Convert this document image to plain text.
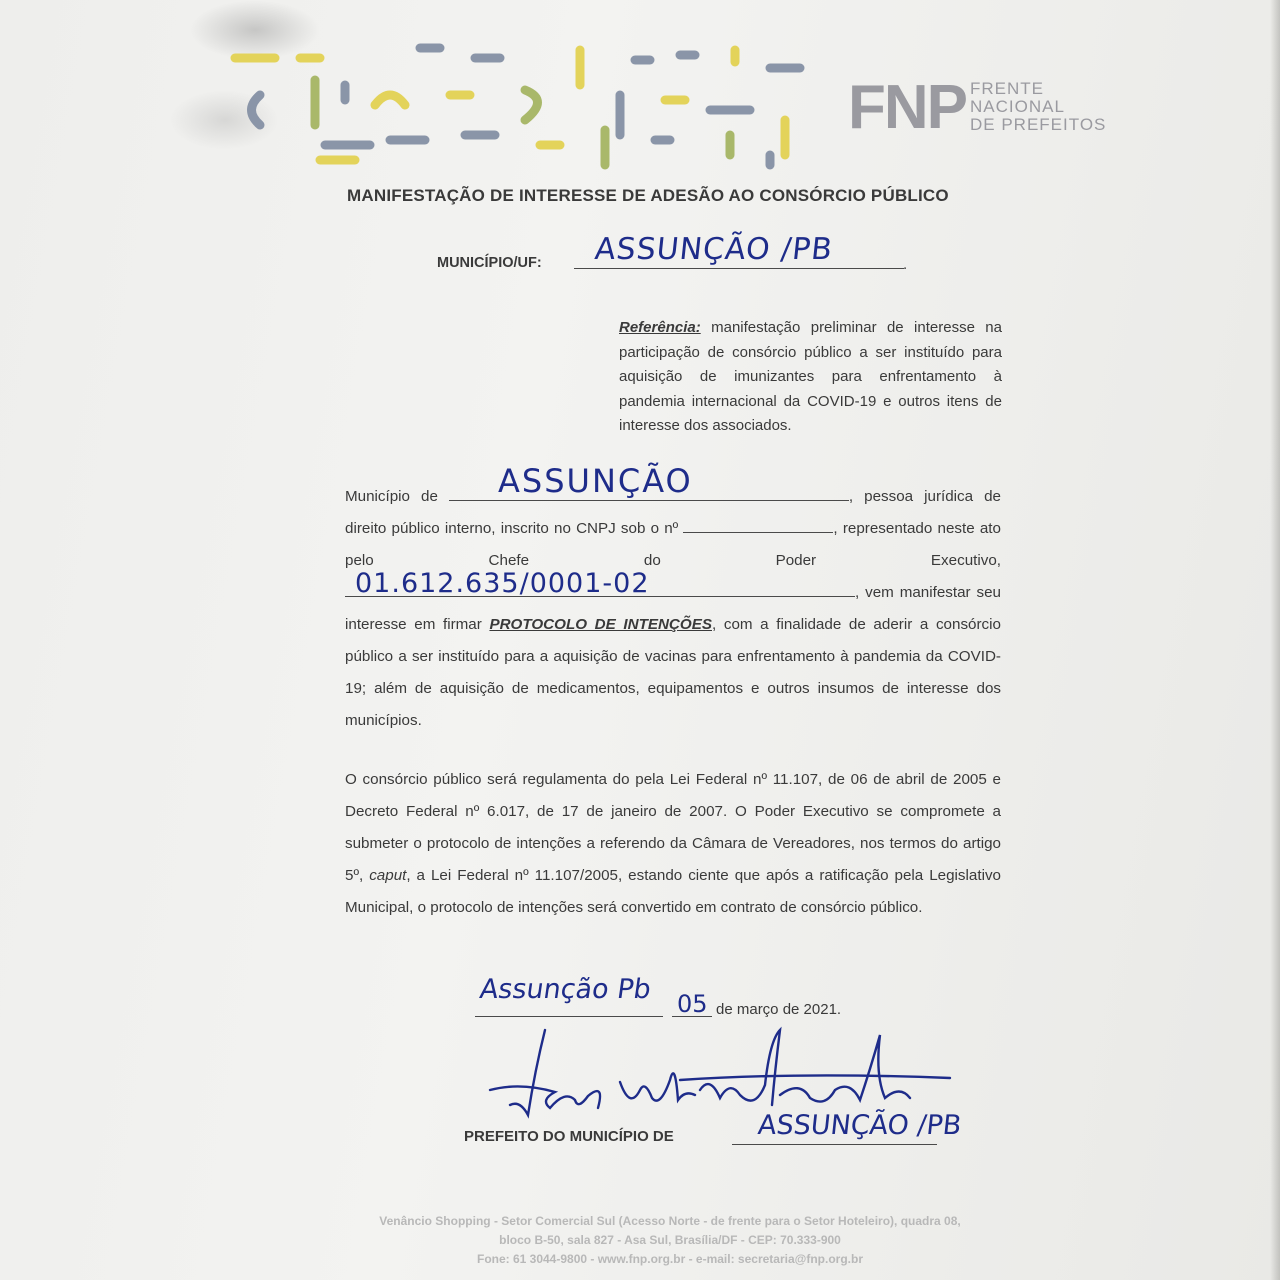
FNP FRENTE
NACIONAL
DE PREFEITOS
MANIFESTAÇÃO DE INTERESSE DE ADESÃO AO CONSÓRCIO PÚBLICO
MUNICÍPIO/UF:	.
ASSUNÇÃO /PB
Referência: manifestação preliminar de interesse na participação de consórcio público a ser instituído para aquisição de imunizantes para enfrentamento à pandemia internacional da COVID-19 e outros itens de interesse dos associados.
Município de	, pessoa jurídica de direito público interno, inscrito no CNPJ sob o nº	, representado neste ato pelo Chefe do Poder Executivo, , vem manifestar seu interesse em firmar PROTOCOLO DE INTENÇÕES, com a finalidade de aderir a consórcio público a ser instituído para a aquisição de vacinas para enfrentamento à pandemia da COVID-19; além de aquisição de medicamentos, equipamentos e outros insumos de interesse dos municípios.
ASSUNÇÃO
01.612.635/0001-02
O consórcio público será regulamenta do pela Lei Federal nº 11.107, de 06 de abril de 2005 e Decreto Federal nº 6.017, de 17 de janeiro de 2007. O Poder Executivo se compromete a submeter o protocolo de intenções a referendo da Câmara de Vereadores, nos termos do artigo 5º, caput, a Lei Federal nº 11.107/2005, estando ciente que após a ratificação pela Legislativo Municipal, o protocolo de intenções será convertido em contrato de consórcio público.
Assunção Pb 05 de março de 2021.
PREFEITO DO MUNICÍPIO DE	ASSUNÇÃO /PB
Venâncio Shopping - Setor Comercial Sul (Acesso Norte - de frente para o Setor Hoteleiro), quadra 08,
bloco B-50, sala 827 - Asa Sul, Brasília/DF - CEP: 70.333-900
Fone: 61 3044-9800 - www.fnp.org.br - e-mail: secretaria@fnp.org.br
